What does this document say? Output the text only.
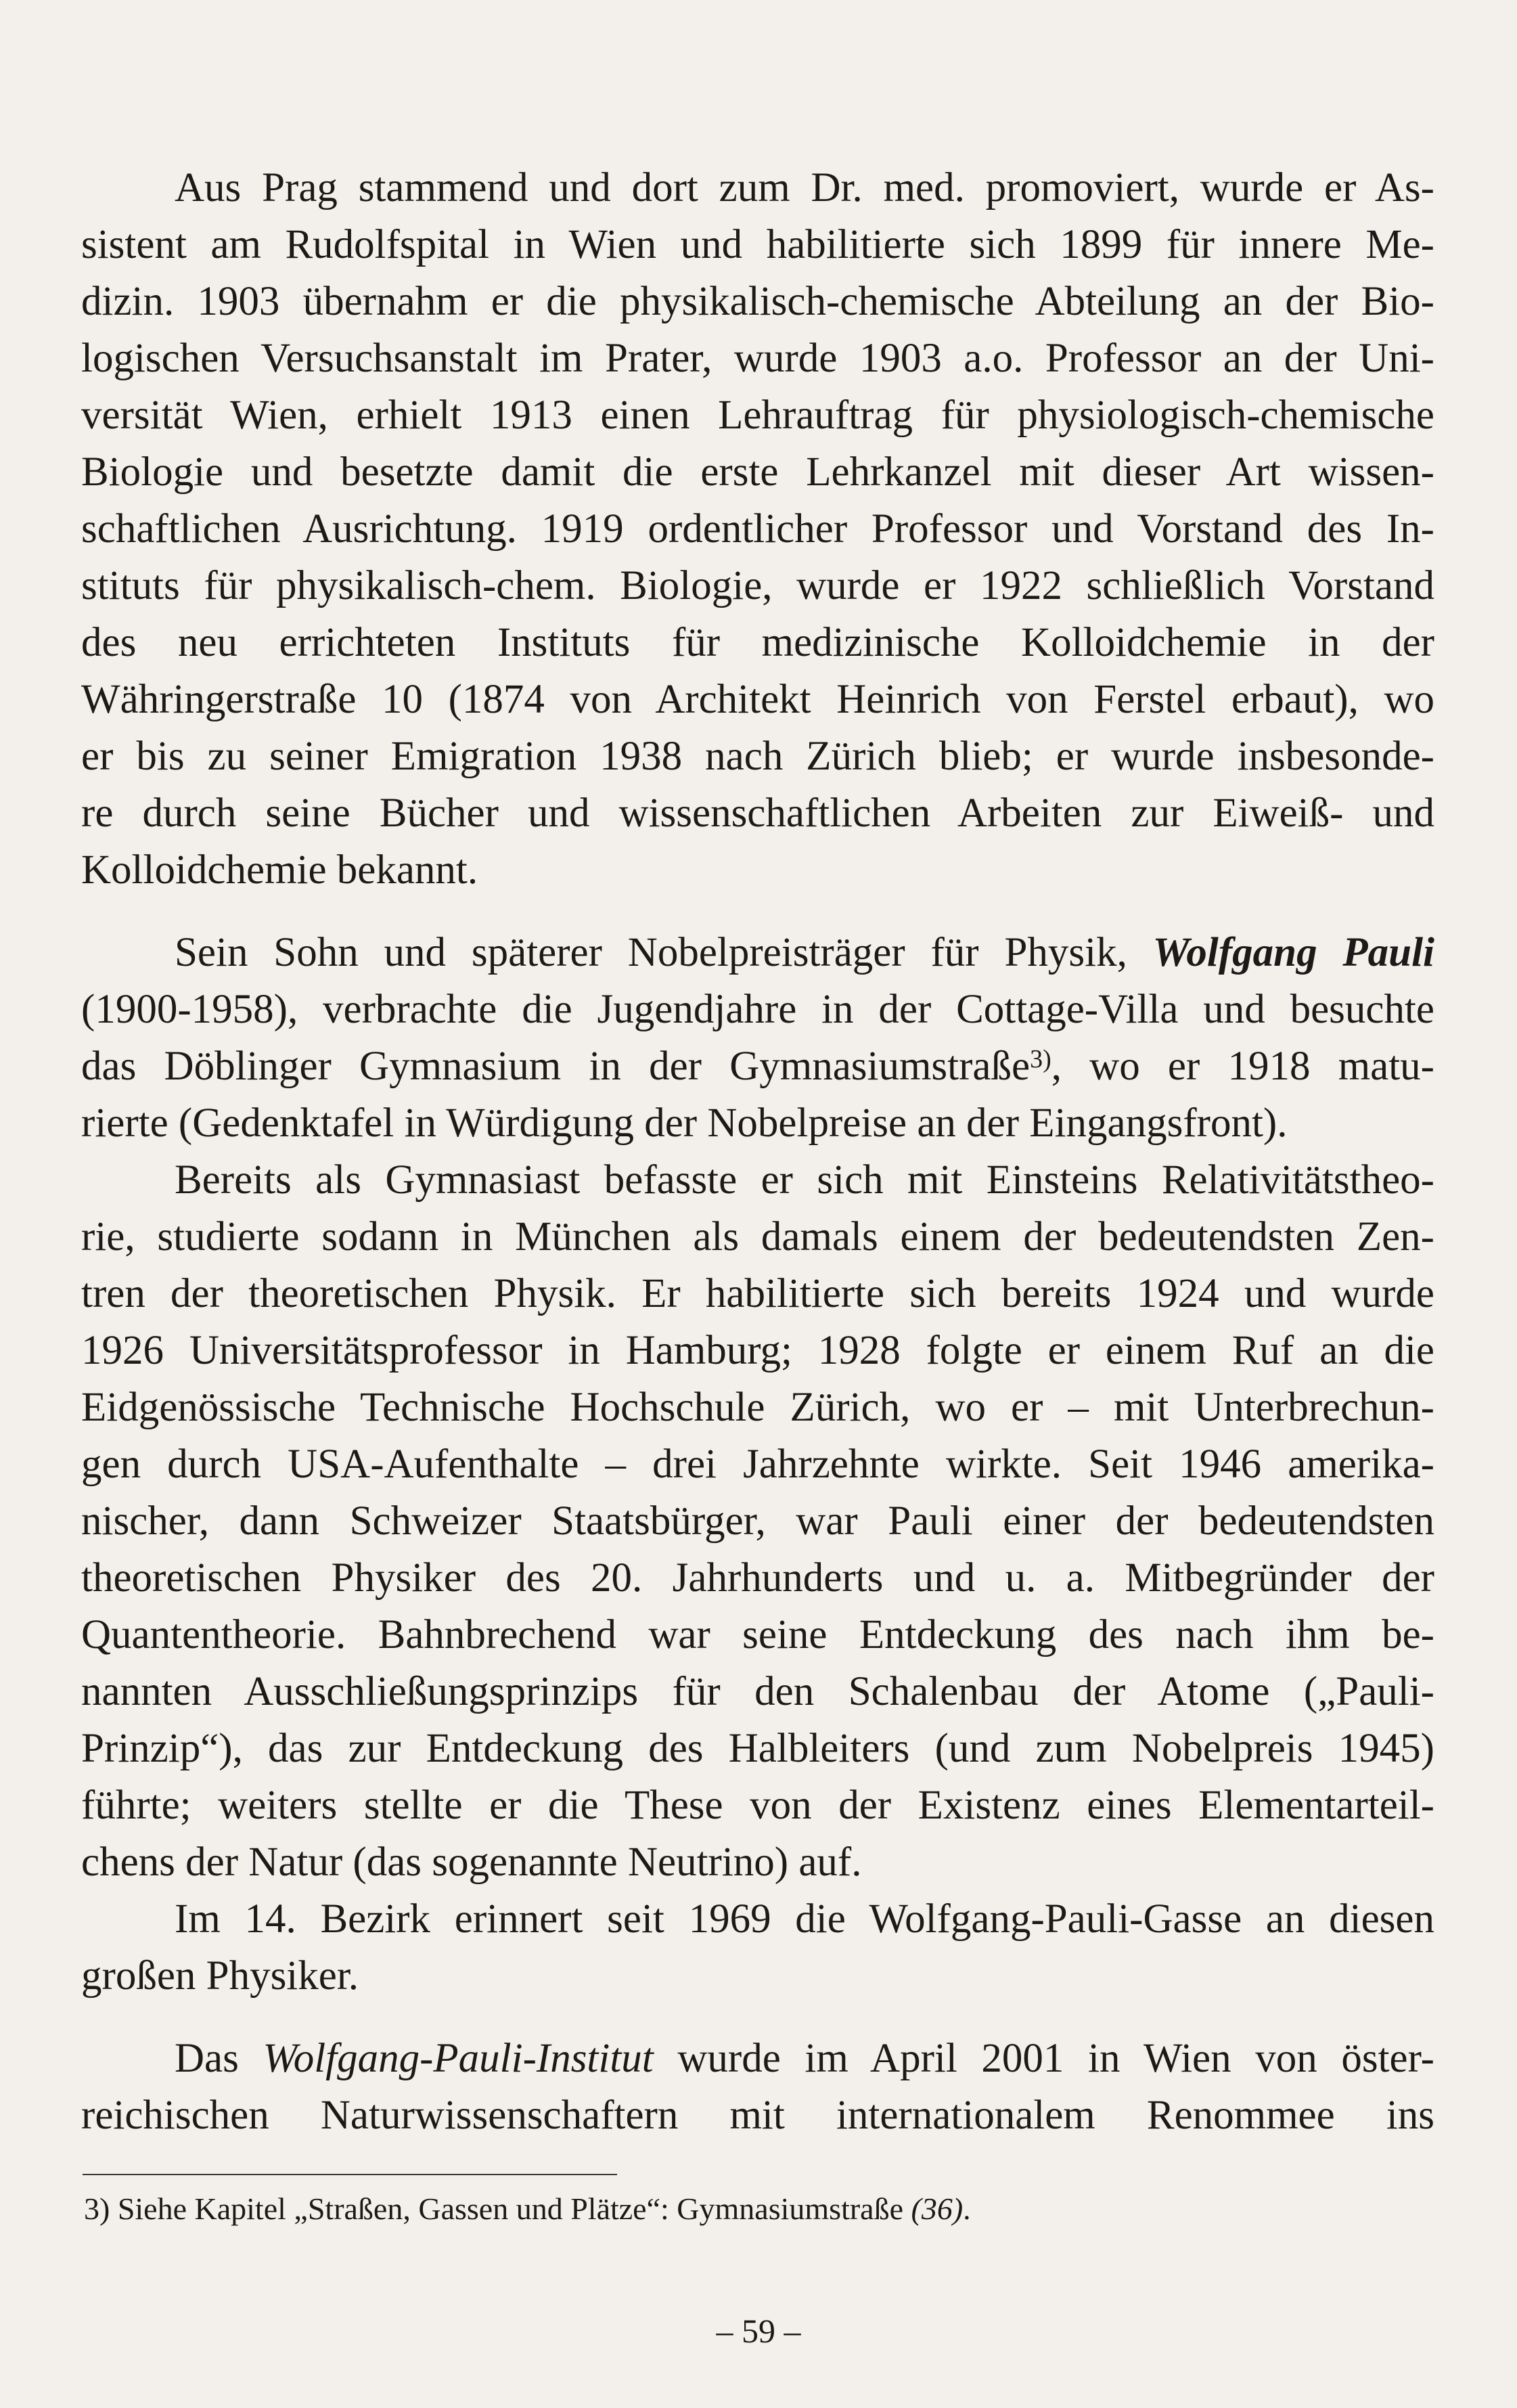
Aus Prag stammend und dort zum Dr. med. promoviert, wurde er As-
sistent am Rudolfspital in Wien und habilitierte sich 1899 für innere Me-
dizin. 1903 übernahm er die physikalisch-chemische Abteilung an der Bio-
logischen Versuchsanstalt im Prater, wurde 1903 a.o. Professor an der Uni-
versität Wien, erhielt 1913 einen Lehrauftrag für physiologisch-chemische
Biologie und besetzte damit die erste Lehrkanzel mit dieser Art wissen-
schaftlichen Ausrichtung. 1919 ordentlicher Professor und Vorstand des In-
stituts für physikalisch-chem. Biologie, wurde er 1922 schließlich Vorstand
des neu errichteten Instituts für medizinische Kolloidchemie in der
Währingerstraße 10 (1874 von Architekt Heinrich von Ferstel erbaut), wo
er bis zu seiner Emigration 1938 nach Zürich blieb; er wurde insbesonde-
re durch seine Bücher und wissenschaftlichen Arbeiten zur Eiweiß- und
Kolloidchemie bekannt.

Sein Sohn und späterer Nobelpreisträger für Physik, Wolfgang Pauli
(1900-1958), verbrachte die Jugendjahre in der Cottage-Villa und besuchte
das Döblinger Gymnasium in der Gymnasiumstraße$^{3)}$, wo er 1918 matu-
rierte (Gedenktafel in Würdigung der Nobelpreise an der Eingangsfront).

Bereits als Gymnasiast befasste er sich mit Einsteins Relativitätstheo-
rie, studierte sodann in München als damals einem der bedeutendsten Zen-
tren der theoretischen Physik. Er habilitierte sich bereits 1924 und wurde
1926 Universitätsprofessor in Hamburg; 1928 folgte er einem Ruf an die
Eidgenössische Technische Hochschule Zürich, wo er – mit Unterbrechun-
gen durch USA-Aufenthalte – drei Jahrzehnte wirkte. Seit 1946 amerika-
nischer, dann Schweizer Staatsbürger, war Pauli einer der bedeutendsten
theoretischen Physiker des 20. Jahrhunderts und u. a. Mitbegründer der
Quantentheorie. Bahnbrechend war seine Entdeckung des nach ihm be-
nannten Ausschließungsprinzips für den Schalenbau der Atome („Pauli-
Prinzip“), das zur Entdeckung des Halbleiters (und zum Nobelpreis 1945)
führte; weiters stellte er die These von der Existenz eines Elementarteil-
chens der Natur (das sogenannte Neutrino) auf.

Im 14. Bezirk erinnert seit 1969 die Wolfgang-Pauli-Gasse an diesen
großen Physiker.

Das Wolfgang-Pauli-Institut wurde im April 2001 in Wien von öster-
reichischen Naturwissenschaftern mit internationalem Renommee ins

3) Siehe Kapitel „Straßen, Gassen und Plätze“: Gymnasiumstraße (36).
– 59 –
